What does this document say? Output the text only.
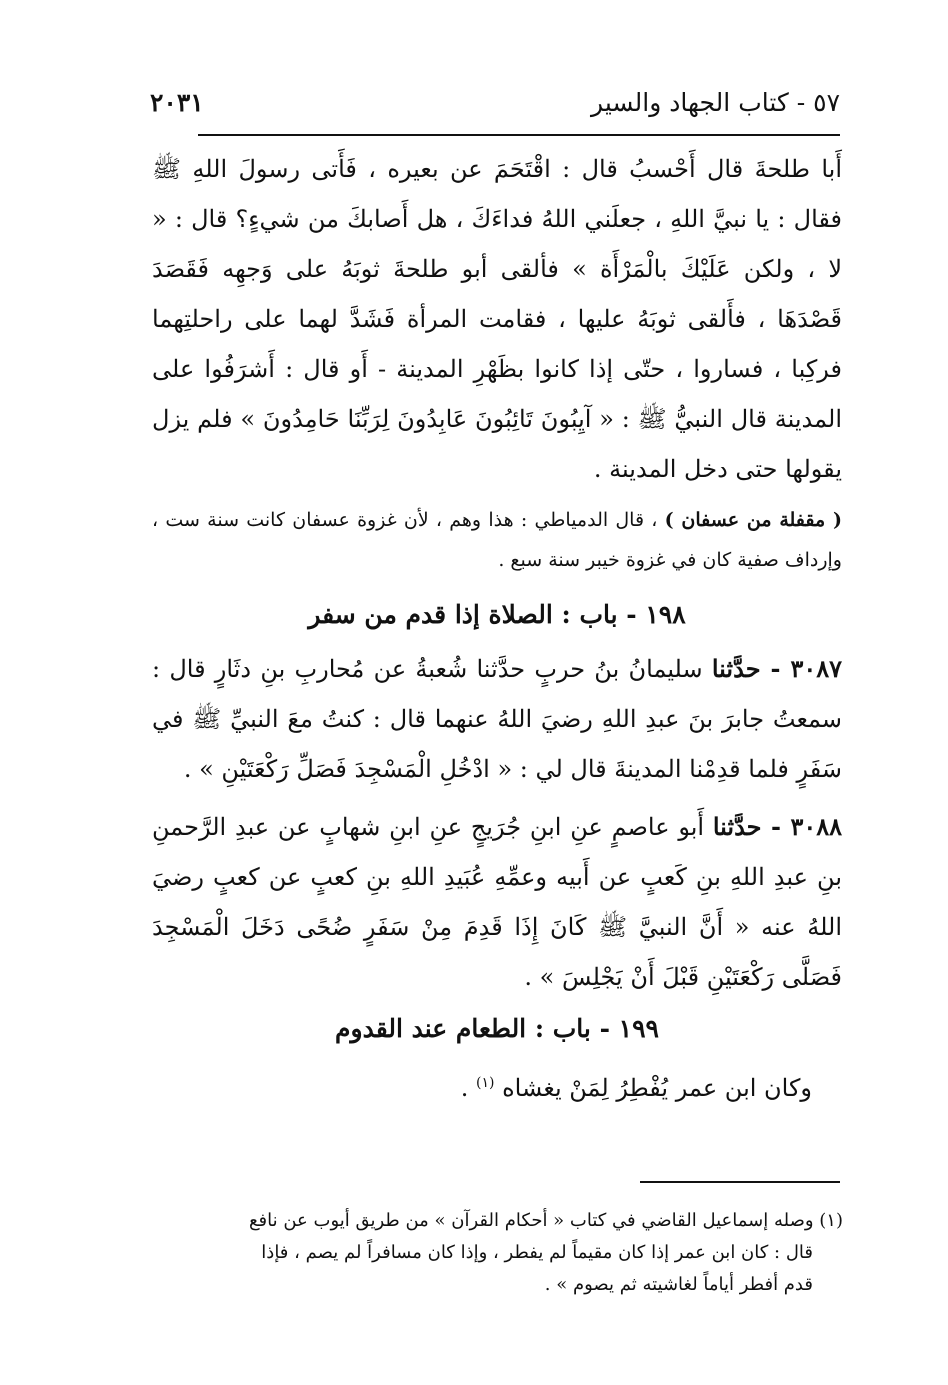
٥٧ - كتاب الجهاد والسير
٢٠٣١

أَبا طلحةَ قال أَحْسبُ قال : اقْتَحَمَ عن بعيره ، فَأَتى رسولَ اللهِ ﷺ فقال : يا نبيَّ اللهِ ، جعلَني اللهُ فداءَكَ ، هل أَصابكَ من شيءٍ؟ قال : « لا ، ولكن عَلَيْكَ بالْمَرْأَة » فألقى أبو طلحةَ ثوبَهُ على وَجهِه فَقَصَدَ قَصْدَهَا ، فأَلقى ثوبَهُ عليها ، فقامت المرأة فَشَدَّ لهما على راحلتِهما فركِبا ، فساروا ، حتّى إذا كانوا بظَهْرِ المدينة - أَو قال : أَشرَفُوا على المدينة قال النبيُّ ﷺ : « آيِبُونَ تَائِبُونَ عَابِدُونَ لِرَبِّنَا حَامِدُونَ » فلم يزل يقولها حتى دخل المدينة .

( مقفلة من عسفان ) ، قال الدمياطي : هذا وهم ، لأن غزوة عسفان كانت سنة ست ، وإرداف صفية كان في غزوة خيبر سنة سبع .

١٩٨ - باب : الصلاة إذا قدم من سفر

٣٠٨٧ - حدَّثنا سليمانُ بنُ حربٍ حدَّثنا شُعبةُ عن مُحاربِ بنِ دثَارٍ قال : سمعتُ جابرَ بنَ عبدِ اللهِ رضيَ اللهُ عنهما قال : كنتُ معَ النبيِّ ﷺ في سَفَرٍ فلما قدِمْنا المدينةَ قال لي : « ادْخُلِ الْمَسْجِدَ فَصَلِّ رَكْعَتَيْنِ » .

٣٠٨٨ - حدَّثنا أَبو عاصمٍ عنِ ابنِ جُرَيجٍ عنِ ابنِ شهابٍ عن عبدِ الرَّحمنِ بنِ عبدِ اللهِ بنِ كَعبٍ عن أَبيه وعمِّهِ عُبَيدِ اللهِ بنِ كعبٍ عن كعبٍ رضيَ اللهُ عنه « أَنَّ النبيَّ ﷺ كَانَ إِذَا قَدِمَ مِنْ سَفَرٍ ضُحًى دَخَلَ الْمَسْجِدَ فَصَلَّى رَكْعَتَيْنِ قَبْلَ أَنْ يَجْلِسَ » .

١٩٩ - باب : الطعام عند القدوم

وكان ابن عمر يُفْطِرُ لِمَنْ يغشاه $^{(١)}$ .

(١) وصله إسماعيل القاضي في كتاب « أحكام القرآن » من طريق أيوب عن نافع
قال : كان ابن عمر إذا كان مقيماً لم يفطر ، وإذا كان مسافراً لم يصم ، فإذا
قدم أفطر أياماً لغاشيته ثم يصوم » .
